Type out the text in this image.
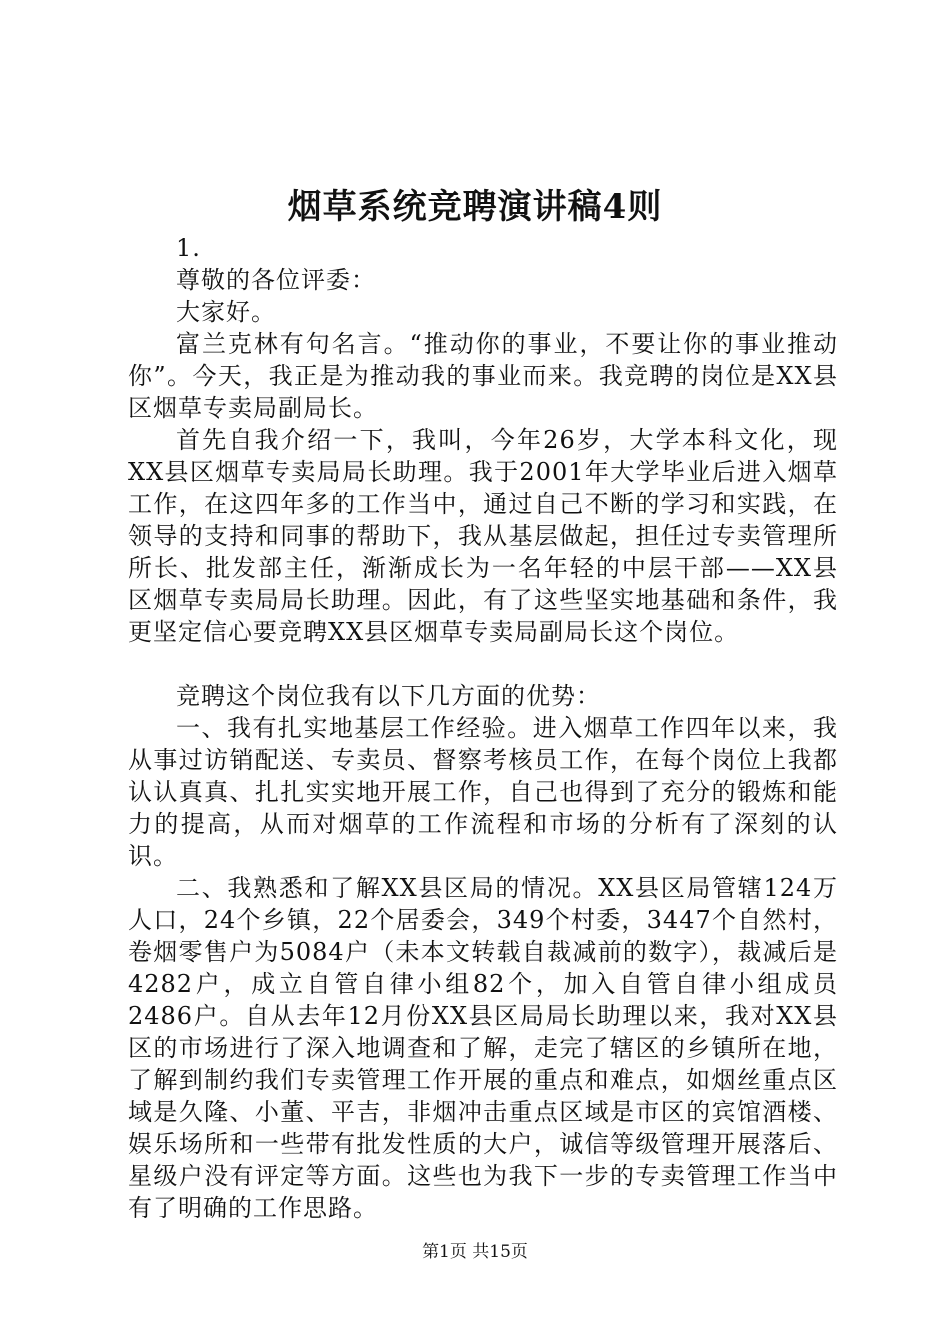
烟草系统竞聘演讲稿4则

1.

尊敬的各位评委：

大家好。

富兰克林有句名言。“推动你的事业，不要让你的事业推动你”。今天，我正是为推动我的事业而来。我竞聘的岗位是XX县区烟草专卖局副局长。

首先自我介绍一下，我叫，今年26岁，大学本科文化，现XX县区烟草专卖局局长助理。我于2001年大学毕业后进入烟草工作，在这四年多的工作当中，通过自己不断的学习和实践，在领导的支持和同事的帮助下，我从基层做起，担任过专卖管理所所长、批发部主任，渐渐成长为一名年轻的中层干部——XX县区烟草专卖局局长助理。因此，有了这些坚实地基础和条件，我更坚定信心要竞聘XX县区烟草专卖局副局长这个岗位。

竞聘这个岗位我有以下几方面的优势：

一、我有扎实地基层工作经验。进入烟草工作四年以来，我从事过访销配送、专卖员、督察考核员工作，在每个岗位上我都认认真真、扎扎实实地开展工作，自己也得到了充分的锻炼和能力的提高，从而对烟草的工作流程和市场的分析有了深刻的认识。

二、我熟悉和了解XX县区局的情况。XX县区局管辖124万人口，24个乡镇，22个居委会，349个村委，3447个自然村，卷烟零售户为5084户（未本文转载自裁减前的数字），裁减后是4282户，成立自管自律小组82个，加入自管自律小组成员2486户。自从去年12月份XX县区局局长助理以来，我对XX县区的市场进行了深入地调查和了解，走完了辖区的乡镇所在地，了解到制约我们专卖管理工作开展的重点和难点，如烟丝重点区域是久隆、小董、平吉，非烟冲击重点区域是市区的宾馆酒楼、娱乐场所和一些带有批发性质的大户，诚信等级管理开展落后、星级户没有评定等方面。这些也为我下一步的专卖管理工作当中有了明确的工作思路。

第1页 共15页
